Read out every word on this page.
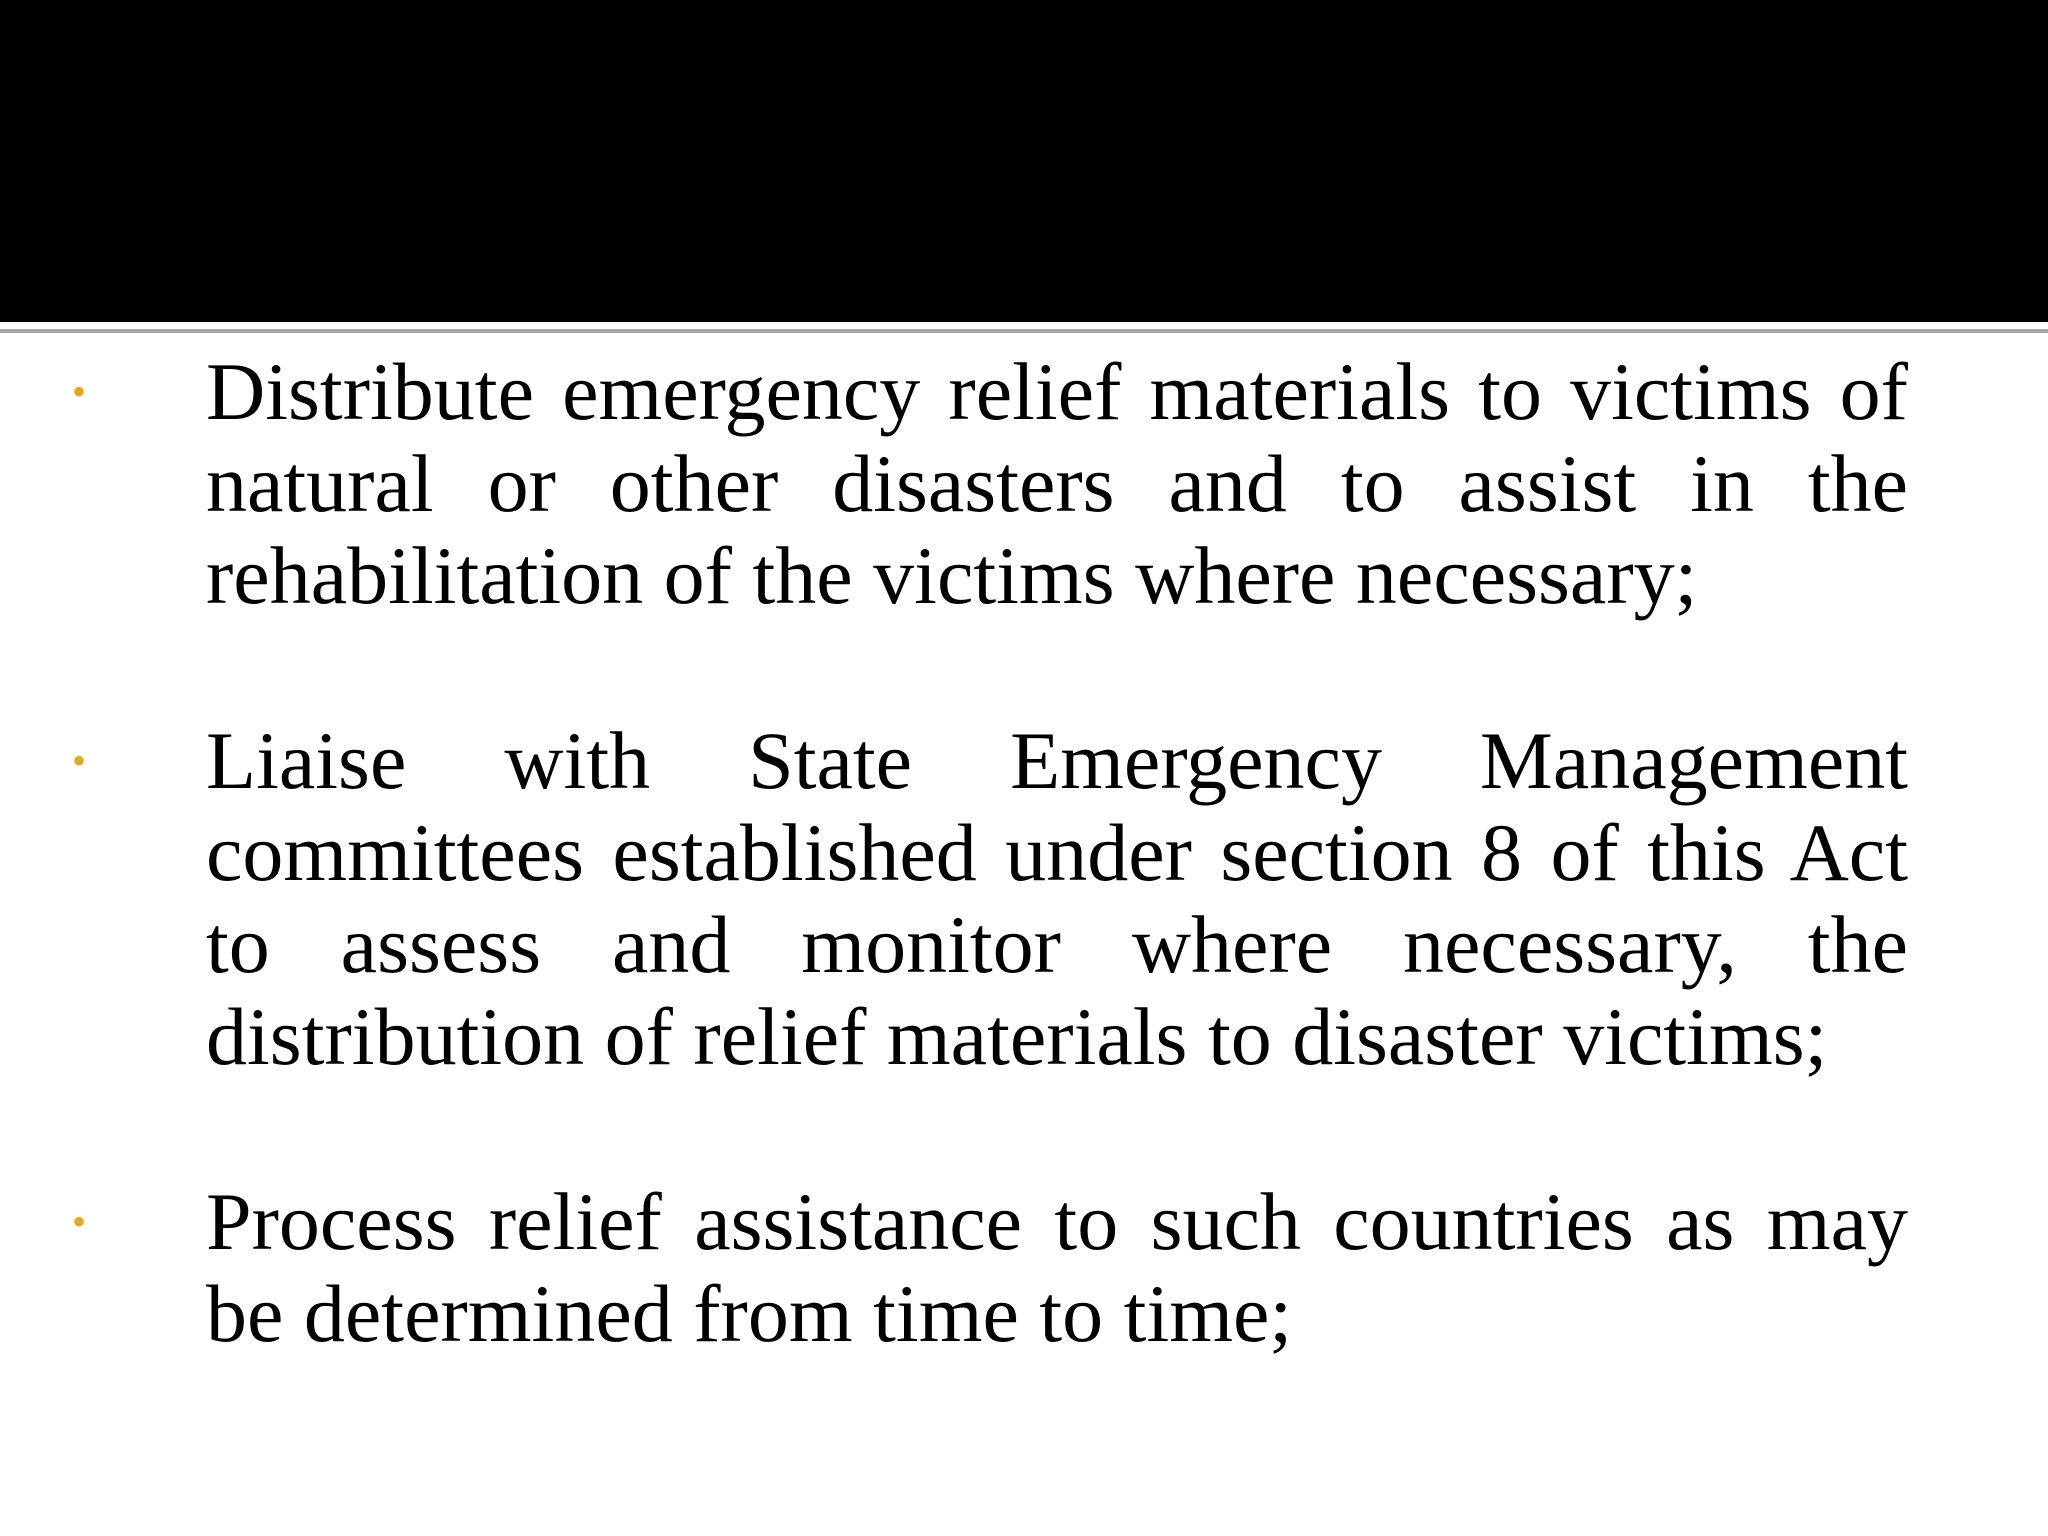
• Distribute emergency relief materials to victims of natural or other disasters and to assist in the rehabilitation of the victims where necessary;

• Liaise with State Emergency Management committees established under section 8 of this Act to assess and monitor where necessary, the distribution of relief materials to disaster victims;

• Process relief assistance to such countries as may be determined from time to time;
